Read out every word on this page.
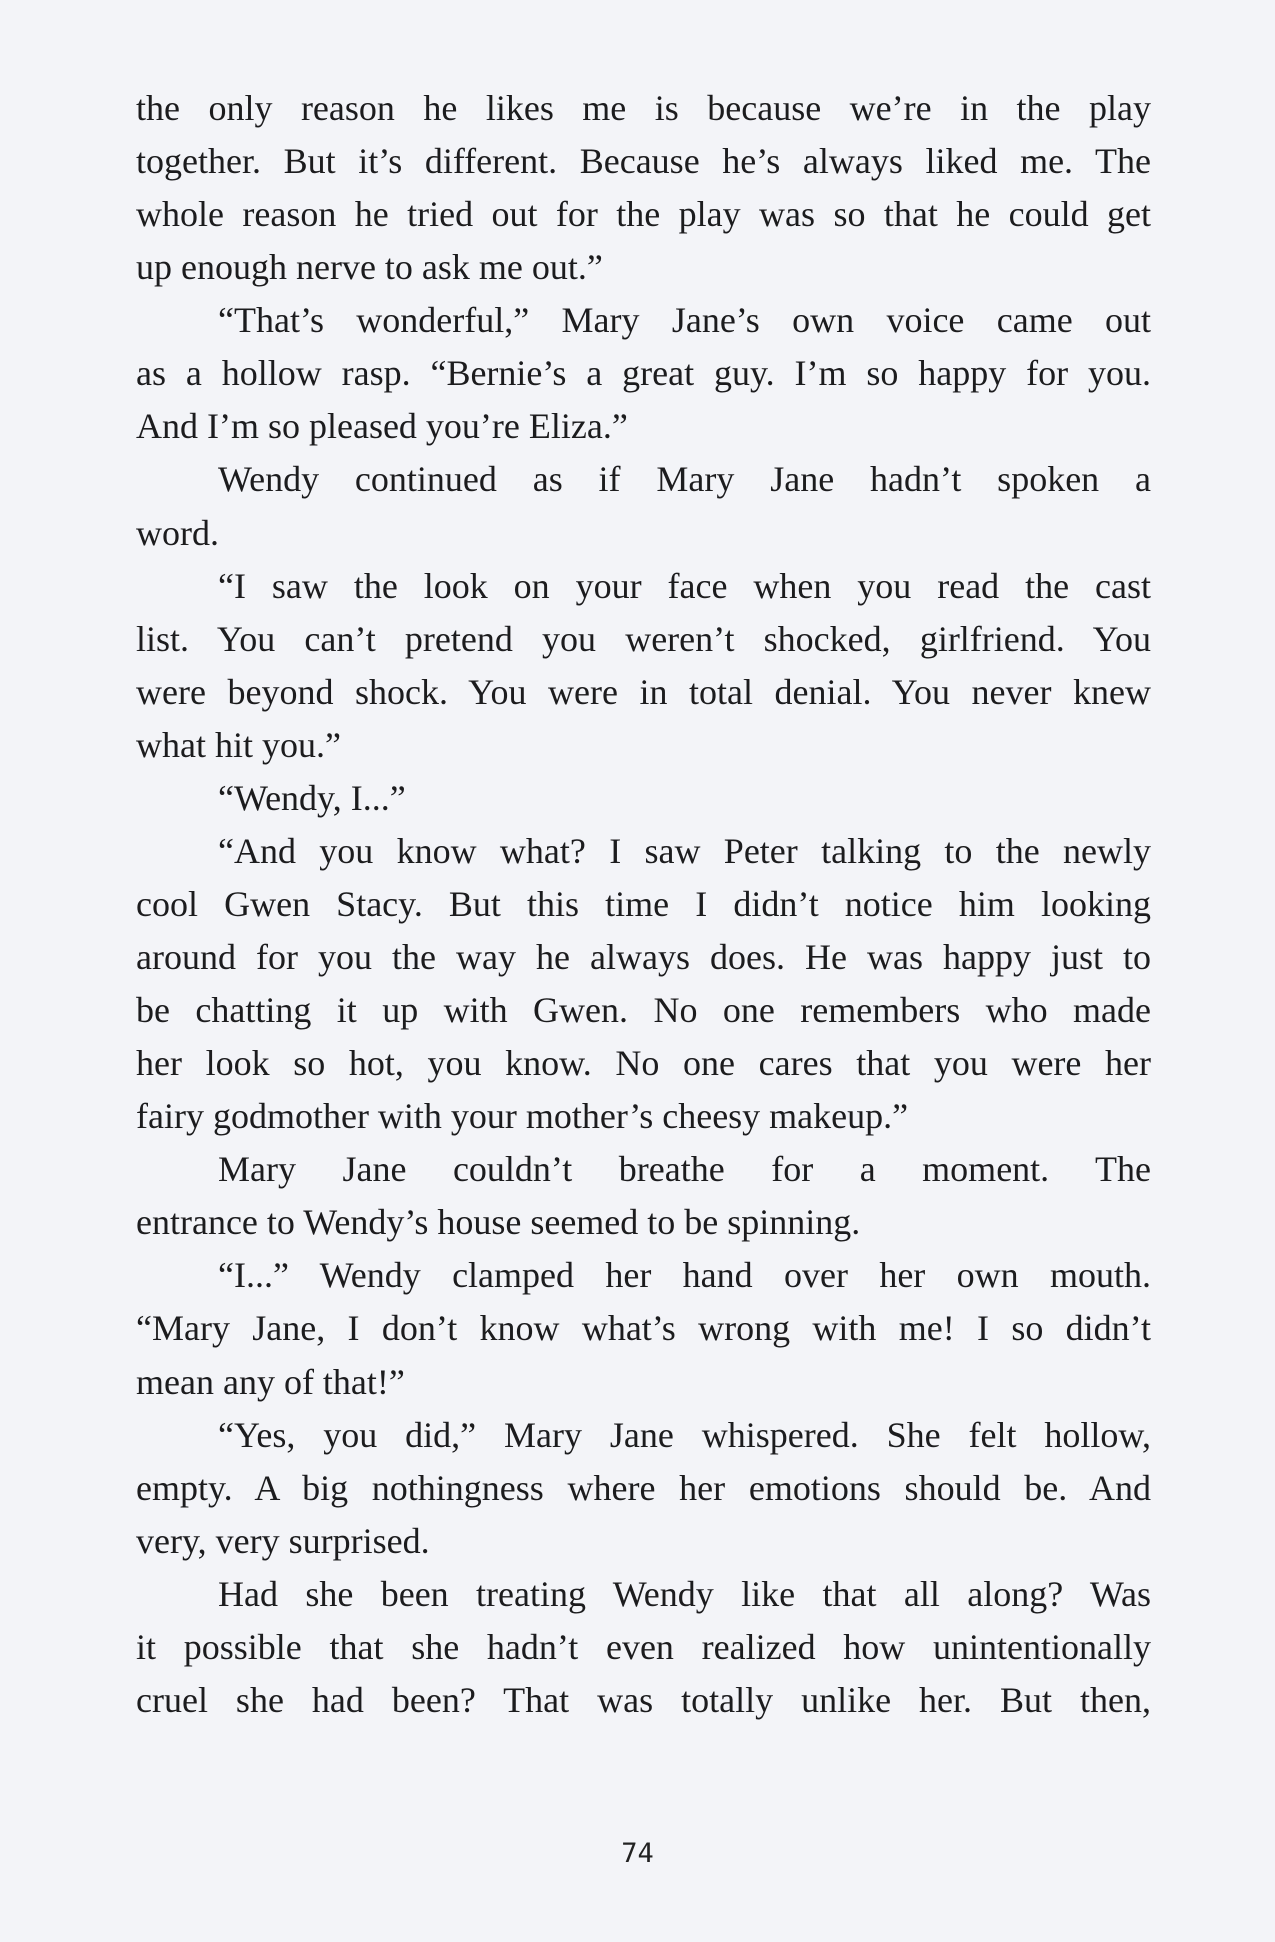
the only reason he likes me is because we’re in the play
together. But it’s different. Because he’s always liked me. The
whole reason he tried out for the play was so that he could get
up enough nerve to ask me out.”
“That’s wonderful,” Mary Jane’s own voice came out
as a hollow rasp. “Bernie’s a great guy. I’m so happy for you.
And I’m so pleased you’re Eliza.”
Wendy continued as if Mary Jane hadn’t spoken a
word.
“I saw the look on your face when you read the cast
list. You can’t pretend you weren’t shocked, girlfriend. You
were beyond shock. You were in total denial. You never knew
what hit you.”
“Wendy, I...”
“And you know what? I saw Peter talking to the newly
cool Gwen Stacy. But this time I didn’t notice him looking
around for you the way he always does. He was happy just to
be chatting it up with Gwen. No one remembers who made
her look so hot, you know. No one cares that you were her
fairy godmother with your mother’s cheesy makeup.”
Mary Jane couldn’t breathe for a moment. The
entrance to Wendy’s house seemed to be spinning.
“I...” Wendy clamped her hand over her own mouth.
“Mary Jane, I don’t know what’s wrong with me! I so didn’t
mean any of that!”
“Yes, you did,” Mary Jane whispered. She felt hollow,
empty. A big nothingness where her emotions should be. And
very, very surprised.
Had she been treating Wendy like that all along? Was
it possible that she hadn’t even realized how unintentionally
cruel she had been? That was totally unlike her. But then,
74
